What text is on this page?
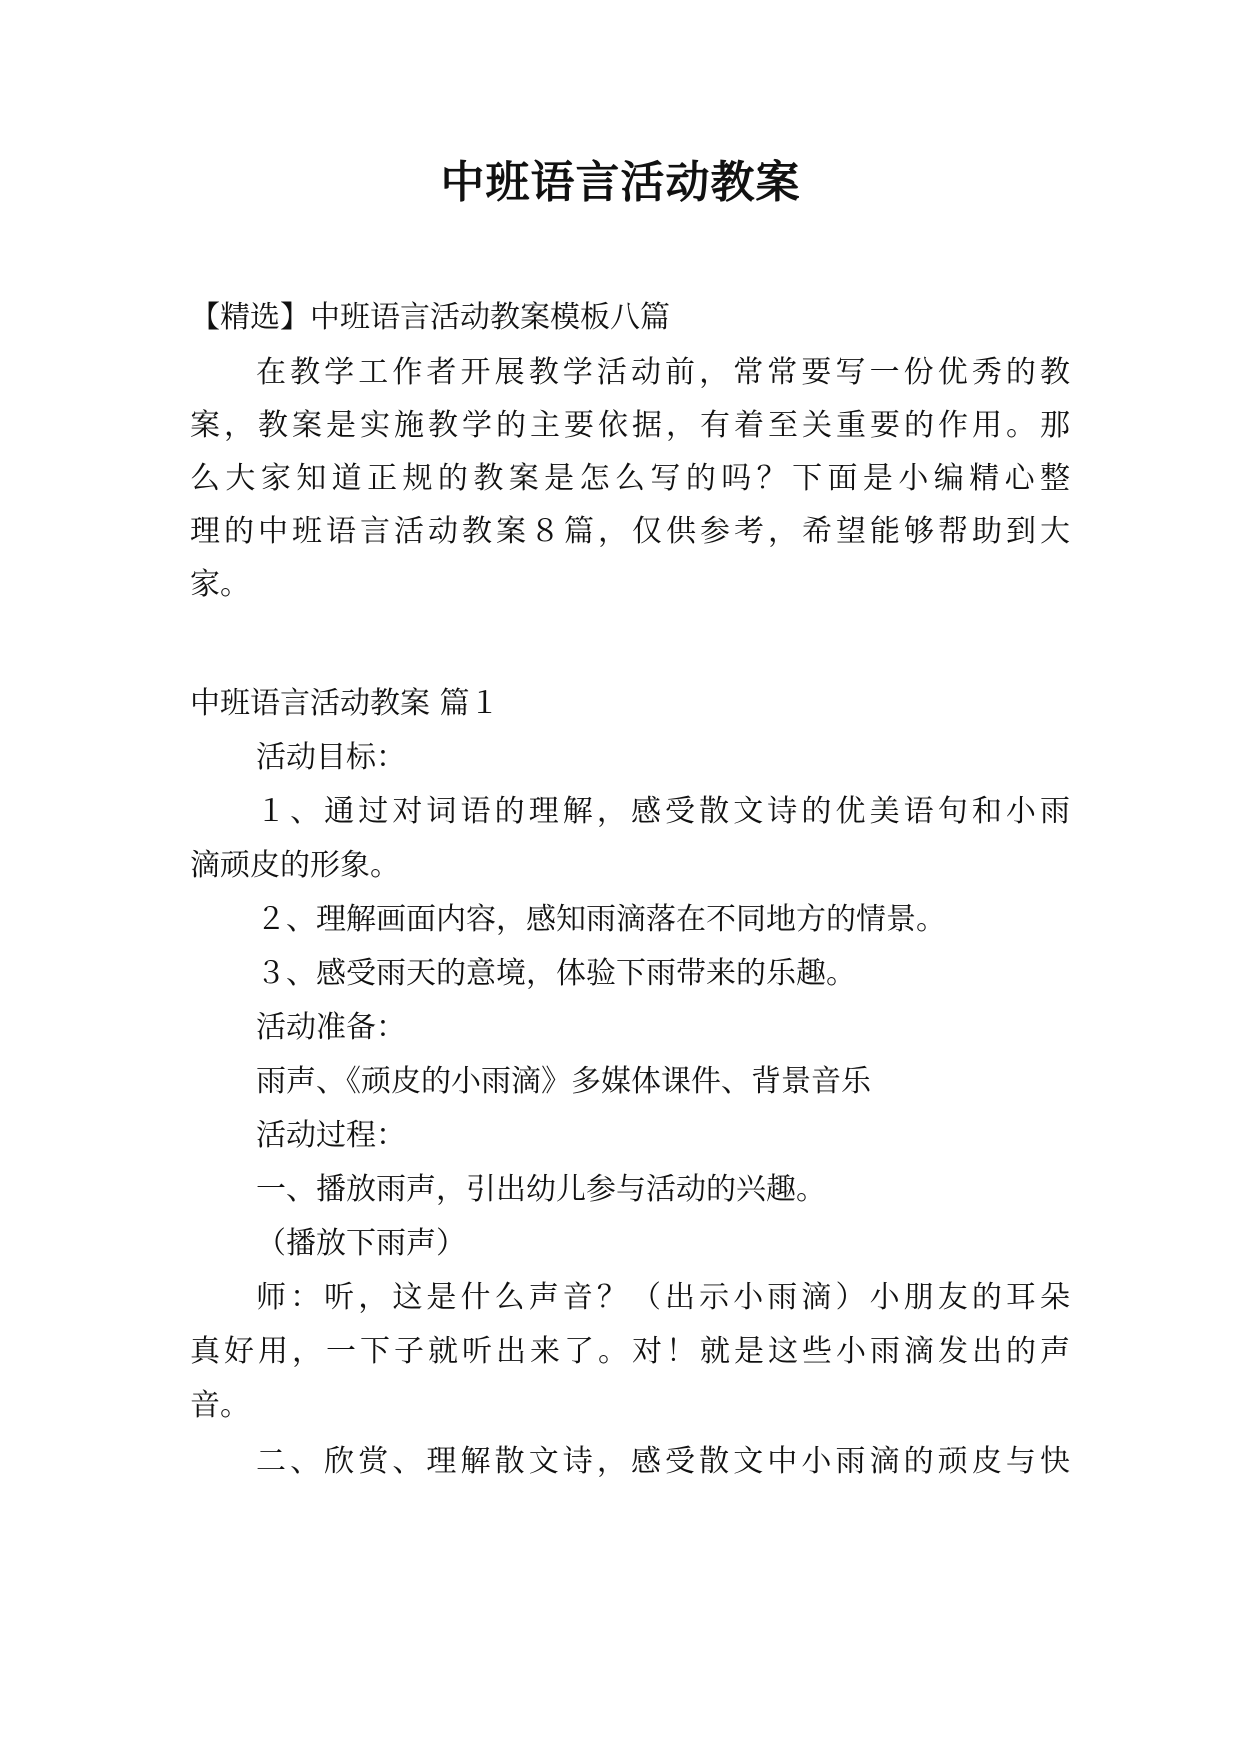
中班语言活动教案
【精选】中班语言活动教案模板八篇
在教学工作者开展教学活动前，常常要写一份优秀的教
案，教案是实施教学的主要依据，有着至关重要的作用。那
么大家知道正规的教案是怎么写的吗？下面是小编精心整
理的中班语言活动教案８篇，仅供参考，希望能够帮助到大
家。
中班语言活动教案 篇１
活动目标：
１、通过对词语的理解，感受散文诗的优美语句和小雨
滴顽皮的形象。
２、理解画面内容，感知雨滴落在不同地方的情景。
３、感受雨天的意境，体验下雨带来的乐趣。
活动准备：
雨声、《顽皮的小雨滴》多媒体课件、背景音乐
活动过程：
一、播放雨声，引出幼儿参与活动的兴趣。
（播放下雨声）
师：听，这是什么声音？（出示小雨滴）小朋友的耳朵
真好用，一下子就听出来了。对！就是这些小雨滴发出的声
音。
二、欣赏、理解散文诗，感受散文中小雨滴的顽皮与快
